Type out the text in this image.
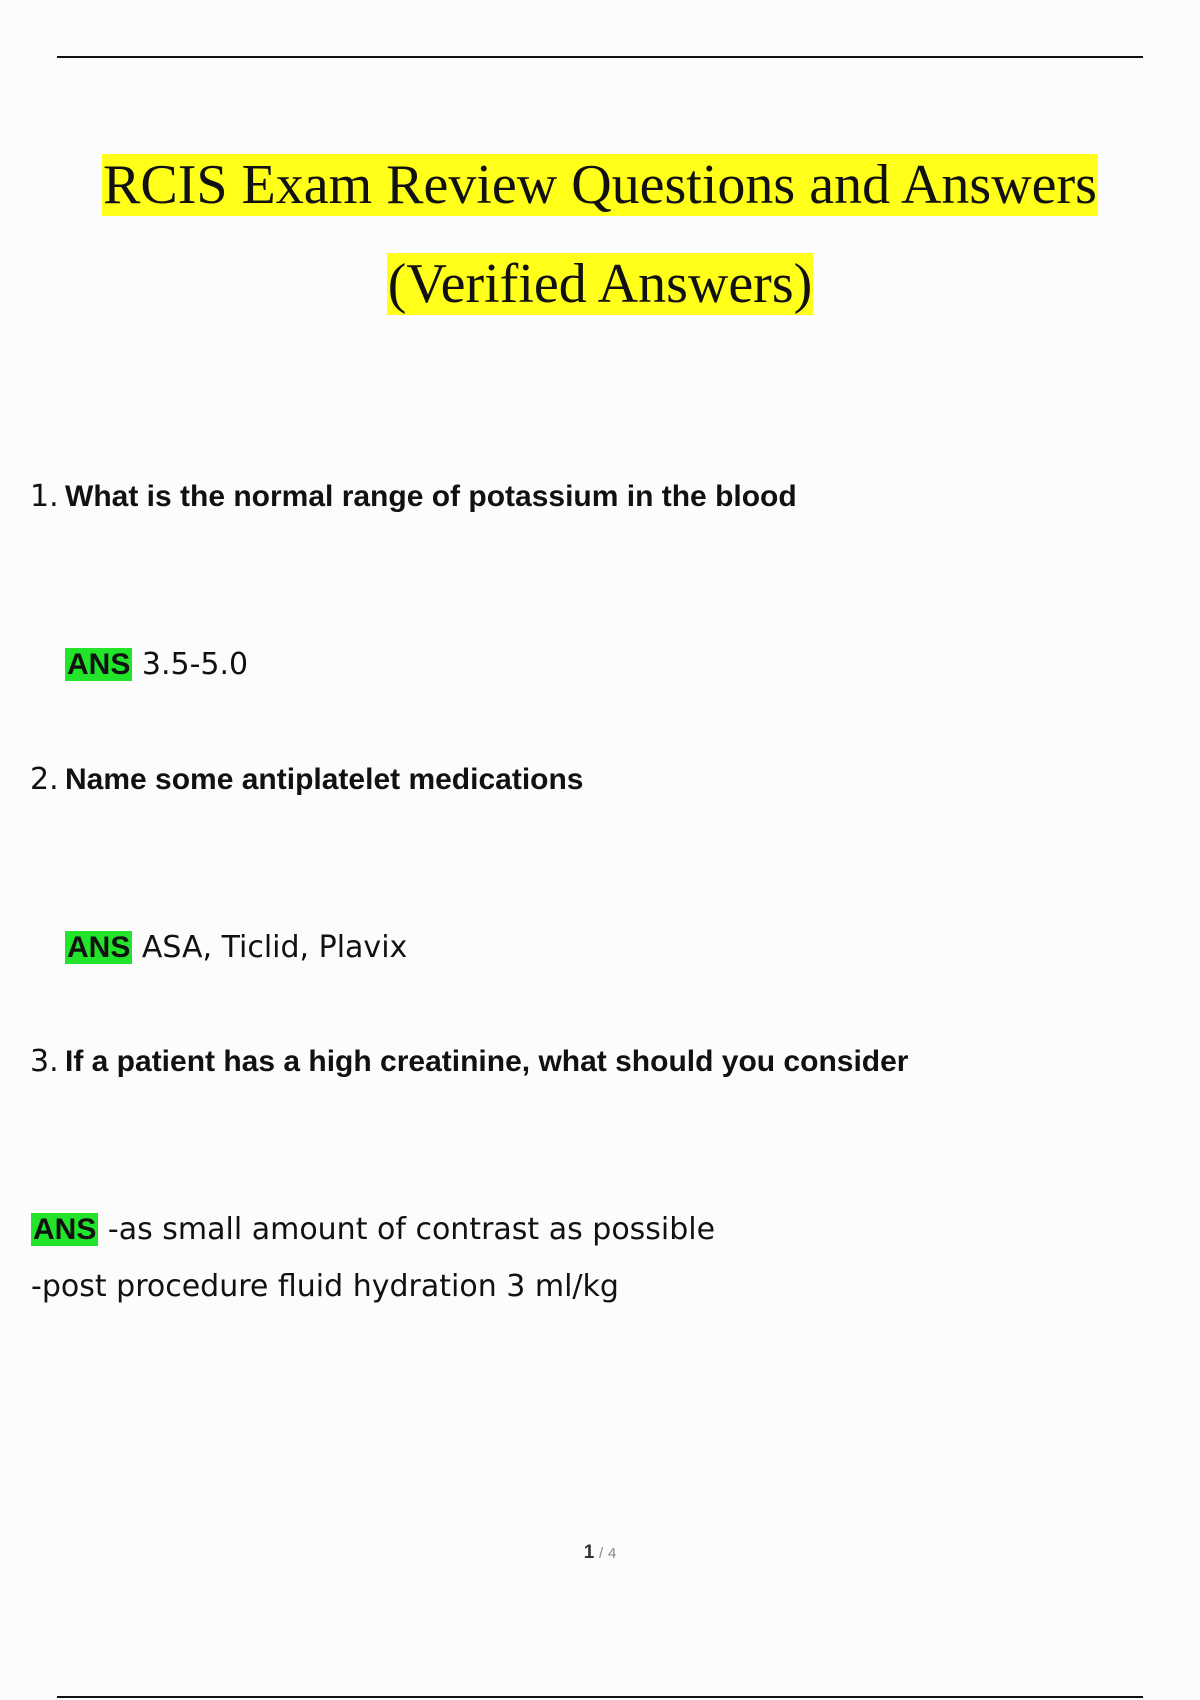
RCIS Exam Review Questions and Answers
(Verified Answers)
1. What is the normal range of potassium in the blood
ANS 3.5-5.0
2. Name some antiplatelet medications
ANS ASA, Ticlid, Plavix
3. If a patient has a high creatinine, what should you consider
ANS -as small amount of contrast as possible
-post procedure fluid hydration 3 ml/kg
1 / 4
